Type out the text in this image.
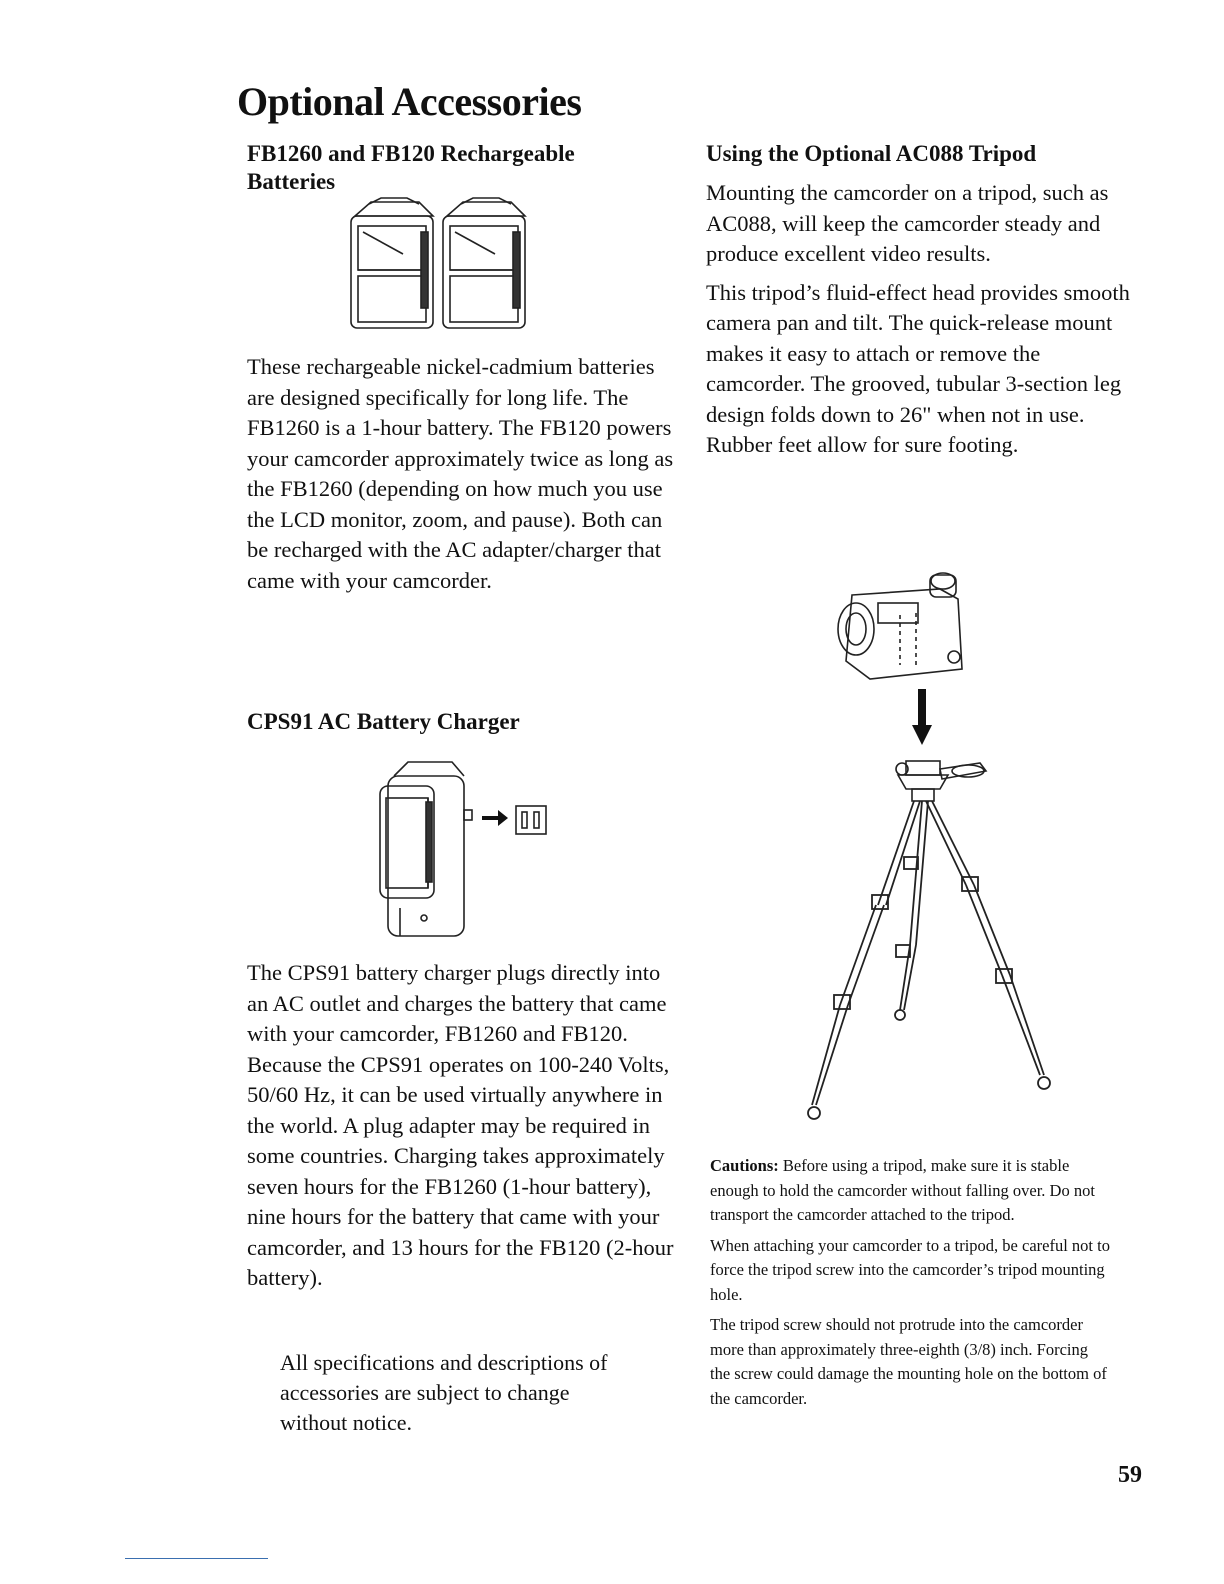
Optional Accessories
FB1260 and FB120 Rechargeable Batteries

These rechargeable nickel-cadmium batteries are designed specifically for long life. The FB1260 is a 1-hour battery. The FB120 powers your camcorder approximately twice as long as the FB1260 (depending on how much you use the LCD monitor, zoom, and pause). Both can be recharged with the AC adapter/charger that came with your camcorder.

CPS91 AC Battery Charger

The CPS91 battery charger plugs directly into an AC outlet and charges the battery that came with your camcorder, FB1260 and FB120. Because the CPS91 operates on 100-240 Volts, 50/60 Hz, it can be used virtually anywhere in the world. A plug adapter may be required in some countries. Charging takes approximately seven hours for the FB1260 (1-hour battery), nine hours for the battery that came with your camcorder, and 13 hours for the FB120 (2-hour battery).

All specifications and descriptions of accessories are subject to change without notice.

Using the Optional AC088 Tripod

Mounting the camcorder on a tripod, such as AC088, will keep the camcorder steady and produce excellent video results.

This tripod’s fluid-effect head provides smooth camera pan and tilt. The quick-release mount makes it easy to attach or remove the camcorder. The grooved, tubular 3-section leg design folds down to 26" when not in use. Rubber feet allow for sure footing.

Cautions: Before using a tripod, make sure it is stable enough to hold the camcorder without falling over. Do not transport the camcorder attached to the tripod.

When attaching your camcorder to a tripod, be careful not to force the tripod screw into the camcorder’s tripod mounting hole.

The tripod screw should not protrude into the camcorder more than approximately three-eighth (3/8) inch. Forcing the screw could damage the mounting hole on the bottom of the camcorder.

59
